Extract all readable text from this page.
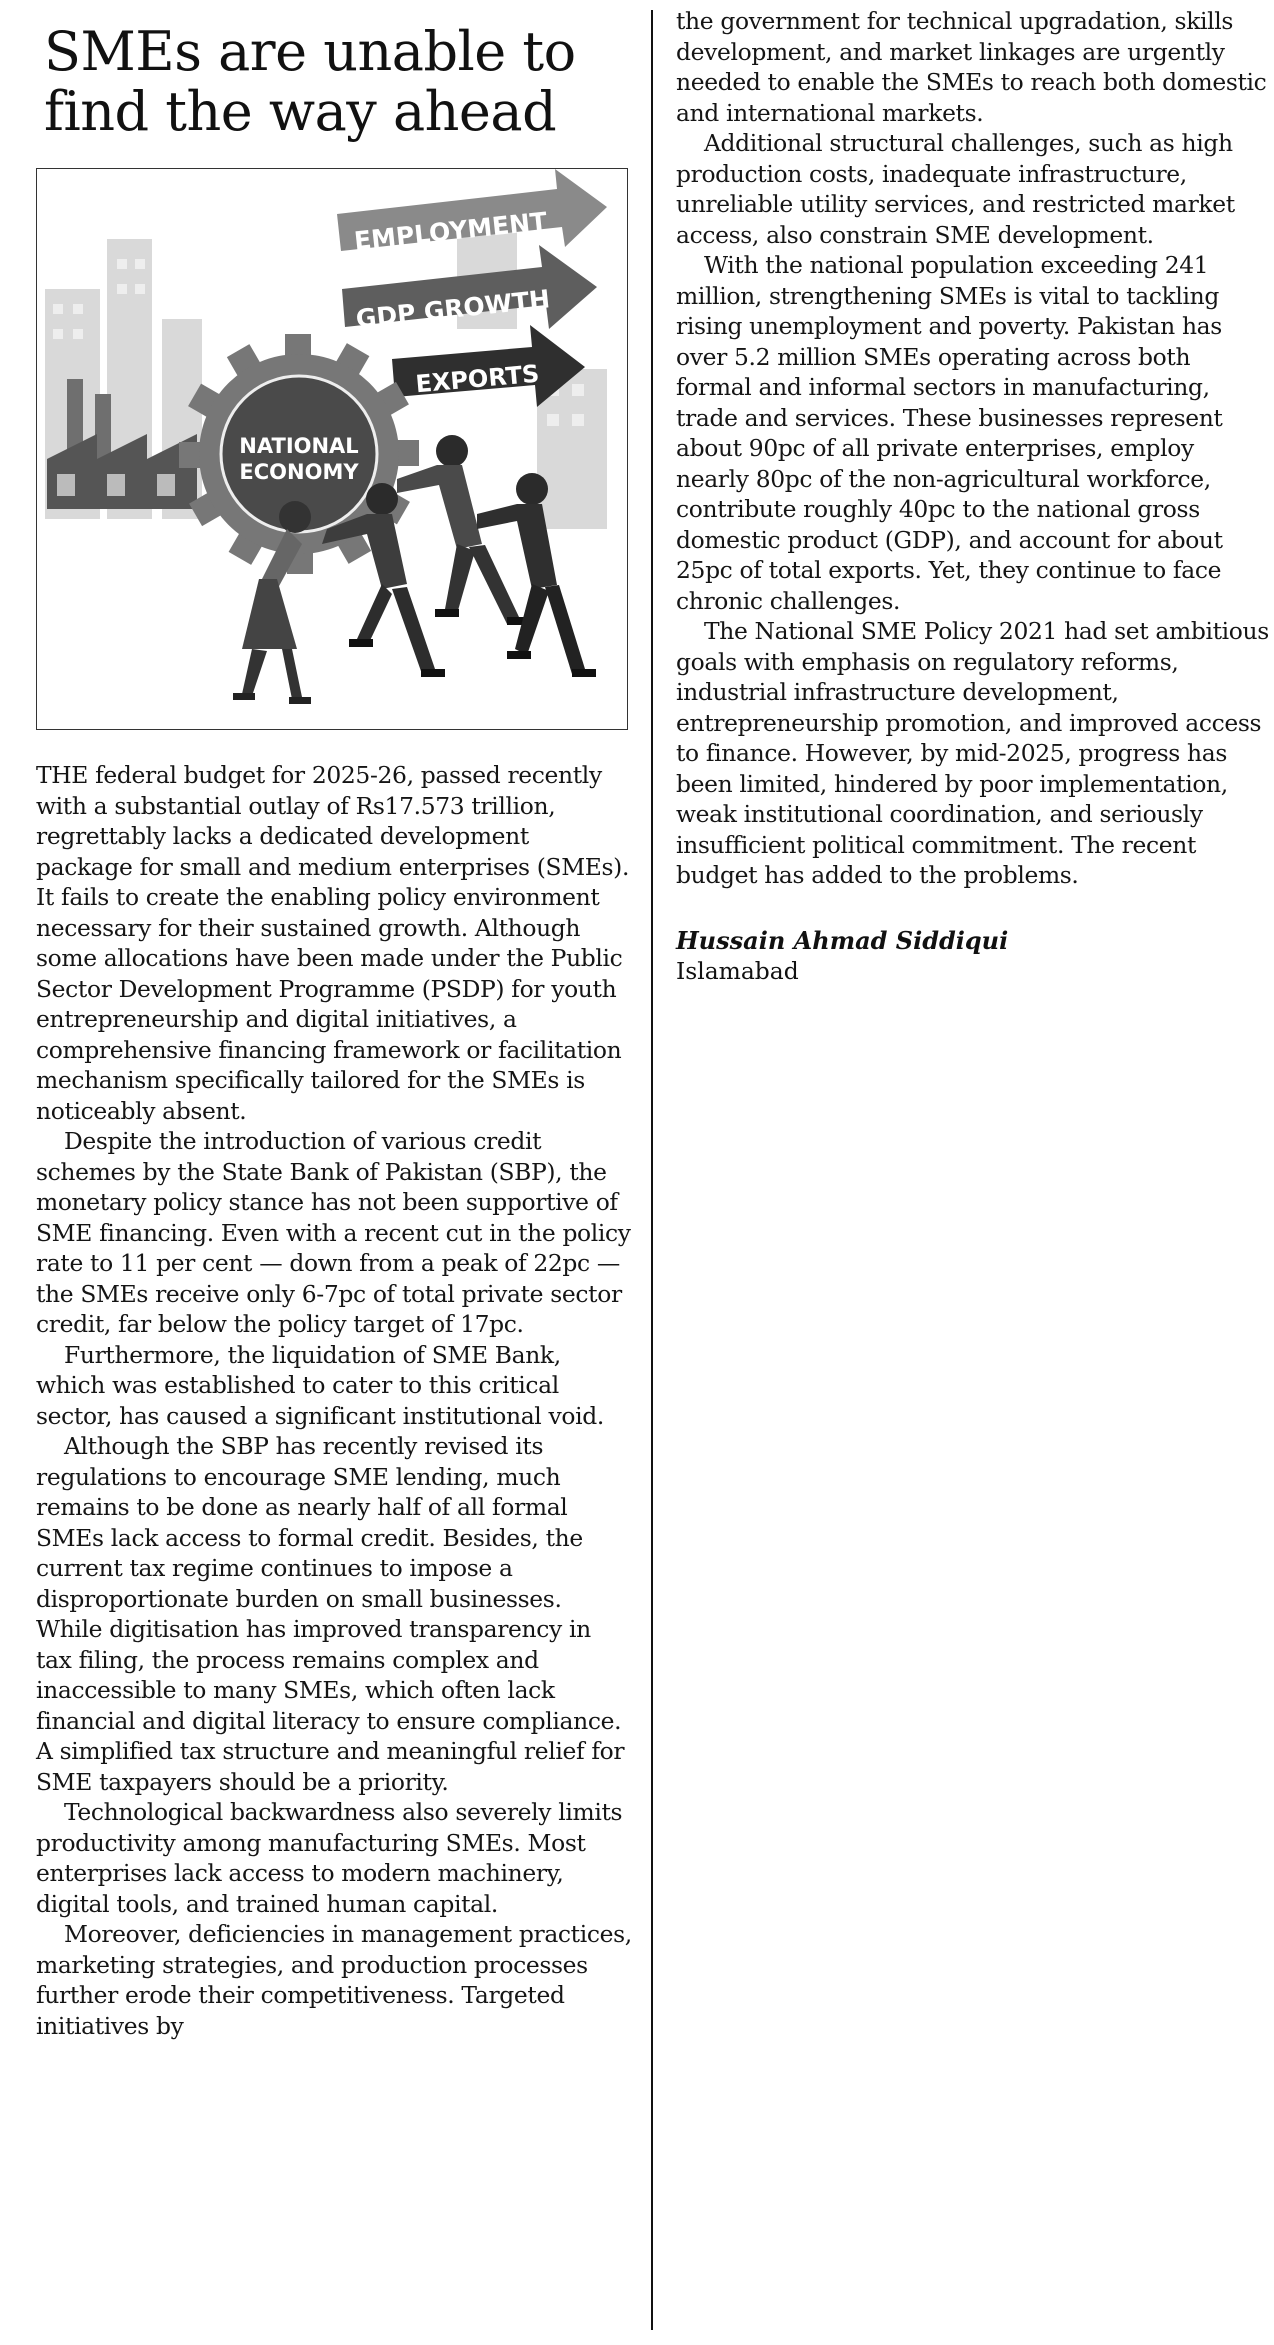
SMEs are unable to find the way ahead
EMPLOYMENT
GDP GROWTH
EXPORTS
NATIONAL
ECONOMY

THE federal budget for 2025-26, passed recently with a substantial outlay of Rs17.573 trillion, regrettably lacks a dedicated development package for small and medium enterprises (SMEs). It fails to create the enabling policy environment necessary for their sustained growth. Although some allocations have been made under the Public Sector Development Programme (PSDP) for youth entrepreneurship and digital initiatives, a comprehensive financing framework or facilitation mechanism specifically tailored for the SMEs is noticeably absent.

Despite the introduction of various credit schemes by the State Bank of Pakistan (SBP), the monetary policy stance has not been supportive of SME financing. Even with a recent cut in the policy rate to 11 per cent — down from a peak of 22pc — the SMEs receive only 6-7pc of total private sector credit, far below the policy target of 17pc.

Furthermore, the liquidation of SME Bank, which was established to cater to this critical sector, has caused a significant institutional void.

Although the SBP has recently revised its regulations to encourage SME lending, much remains to be done as nearly half of all formal SMEs lack access to formal credit. Besides, the current tax regime continues to impose a disproportionate burden on small businesses. While digitisation has improved transparency in tax filing, the process remains complex and inaccessible to many SMEs, which often lack financial and digital literacy to ensure compliance. A simplified tax structure and meaningful relief for SME taxpayers should be a priority.

Technological backwardness also severely limits productivity among manufacturing SMEs. Most enterprises lack access to modern machinery, digital tools, and trained human capital.

Moreover, deficiencies in management practices, marketing strategies, and production processes further erode their competitiveness. Targeted initiatives by

the government for technical upgradation, skills development, and market linkages are urgently needed to enable the SMEs to reach both domestic and international markets.

Additional structural challenges, such as high production costs, inadequate infrastructure, unreliable utility services, and restricted market access, also constrain SME development.

With the national population exceeding 241 million, strengthening SMEs is vital to tackling rising unemployment and poverty. Pakistan has over 5.2 million SMEs operating across both formal and informal sectors in manufacturing, trade and services. These businesses represent about 90pc of all private enterprises, employ nearly 80pc of the non-agricultural workforce, contribute roughly 40pc to the national gross domestic product (GDP), and account for about 25pc of total exports. Yet, they continue to face chronic challenges.

The National SME Policy 2021 had set ambitious goals with emphasis on regulatory reforms, industrial infrastructure development, entrepreneurship promotion, and improved access to finance. However, by mid-2025, progress has been limited, hindered by poor implementation, weak institutional coordination, and seriously insufficient political commitment. The recent budget has added to the problems.

Hussain Ahmad Siddiqui
Islamabad
